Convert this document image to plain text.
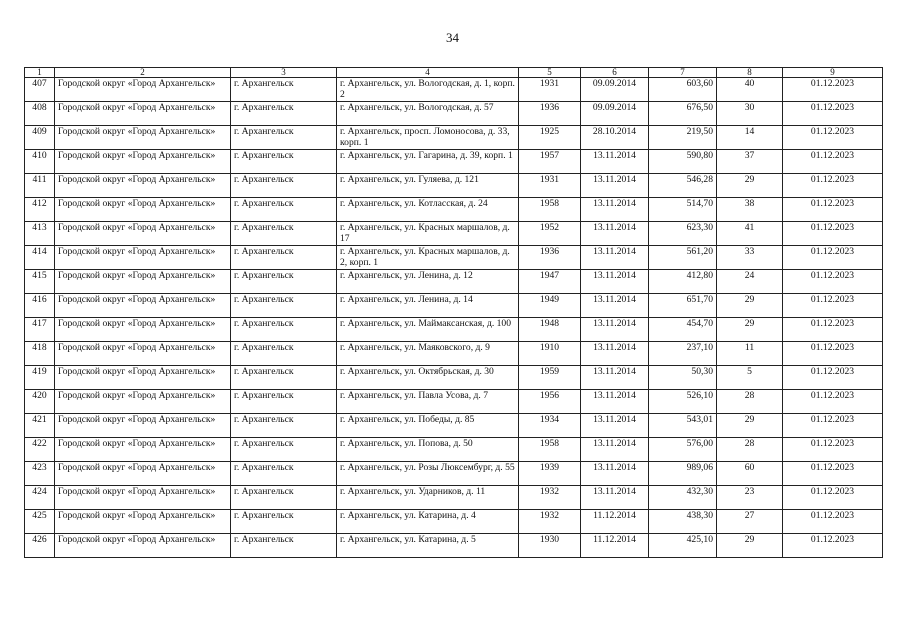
34
1	2	3	4	5	6	7	8	9
407	Городской округ «Город Архангельск»	г. Архангельск	г. Архангельск, ул. Вологодская, д. 1, корп. 2	1931	09.09.2014	603,60	40	01.12.2023
408	Городской округ «Город Архангельск»	г. Архангельск	г. Архангельск, ул. Вологодская, д. 57	1936	09.09.2014	676,50	30	01.12.2023
409	Городской округ «Город Архангельск»	г. Архангельск	г. Архангельск, просп. Ломоносова, д. 33, корп. 1	1925	28.10.2014	219,50	14	01.12.2023
410	Городской округ «Город Архангельск»	г. Архангельск	г. Архангельск, ул. Гагарина, д. 39, корп. 1	1957	13.11.2014	590,80	37	01.12.2023
411	Городской округ «Город Архангельск»	г. Архангельск	г. Архангельск, ул. Гуляева, д. 121	1931	13.11.2014	546,28	29	01.12.2023
412	Городской округ «Город Архангельск»	г. Архангельск	г. Архангельск, ул. Котласская, д. 24	1958	13.11.2014	514,70	38	01.12.2023
413	Городской округ «Город Архангельск»	г. Архангельск	г. Архангельск, ул. Красных маршалов, д. 17	1952	13.11.2014	623,30	41	01.12.2023
414	Городской округ «Город Архангельск»	г. Архангельск	г. Архангельск, ул. Красных маршалов, д. 2, корп. 1	1936	13.11.2014	561,20	33	01.12.2023
415	Городской округ «Город Архангельск»	г. Архангельск	г. Архангельск, ул. Ленина, д. 12	1947	13.11.2014	412,80	24	01.12.2023
416	Городской округ «Город Архангельск»	г. Архангельск	г. Архангельск, ул. Ленина, д. 14	1949	13.11.2014	651,70	29	01.12.2023
417	Городской округ «Город Архангельск»	г. Архангельск	г. Архангельск, ул. Маймаксанская, д. 100	1948	13.11.2014	454,70	29	01.12.2023
418	Городской округ «Город Архангельск»	г. Архангельск	г. Архангельск, ул. Маяковского, д. 9	1910	13.11.2014	237,10	11	01.12.2023
419	Городской округ «Город Архангельск»	г. Архангельск	г. Архангельск, ул. Октябрьская, д. 30	1959	13.11.2014	50,30	5	01.12.2023
420	Городской округ «Город Архангельск»	г. Архангельск	г. Архангельск, ул. Павла Усова, д. 7	1956	13.11.2014	526,10	28	01.12.2023
421	Городской округ «Город Архангельск»	г. Архангельск	г. Архангельск, ул. Победы, д. 85	1934	13.11.2014	543,01	29	01.12.2023
422	Городской округ «Город Архангельск»	г. Архангельск	г. Архангельск, ул. Попова, д. 50	1958	13.11.2014	576,00	28	01.12.2023
423	Городской округ «Город Архангельск»	г. Архангельск	г. Архангельск, ул. Розы Люксембург, д. 55	1939	13.11.2014	989,06	60	01.12.2023
424	Городской округ «Город Архангельск»	г. Архангельск	г. Архангельск, ул. Ударников, д. 11	1932	13.11.2014	432,30	23	01.12.2023
425	Городской округ «Город Архангельск»	г. Архангельск	г. Архангельск, ул. Катарина, д. 4	1932	11.12.2014	438,30	27	01.12.2023
426	Городской округ «Город Архангельск»	г. Архангельск	г. Архангельск, ул. Катарина, д. 5	1930	11.12.2014	425,10	29	01.12.2023
